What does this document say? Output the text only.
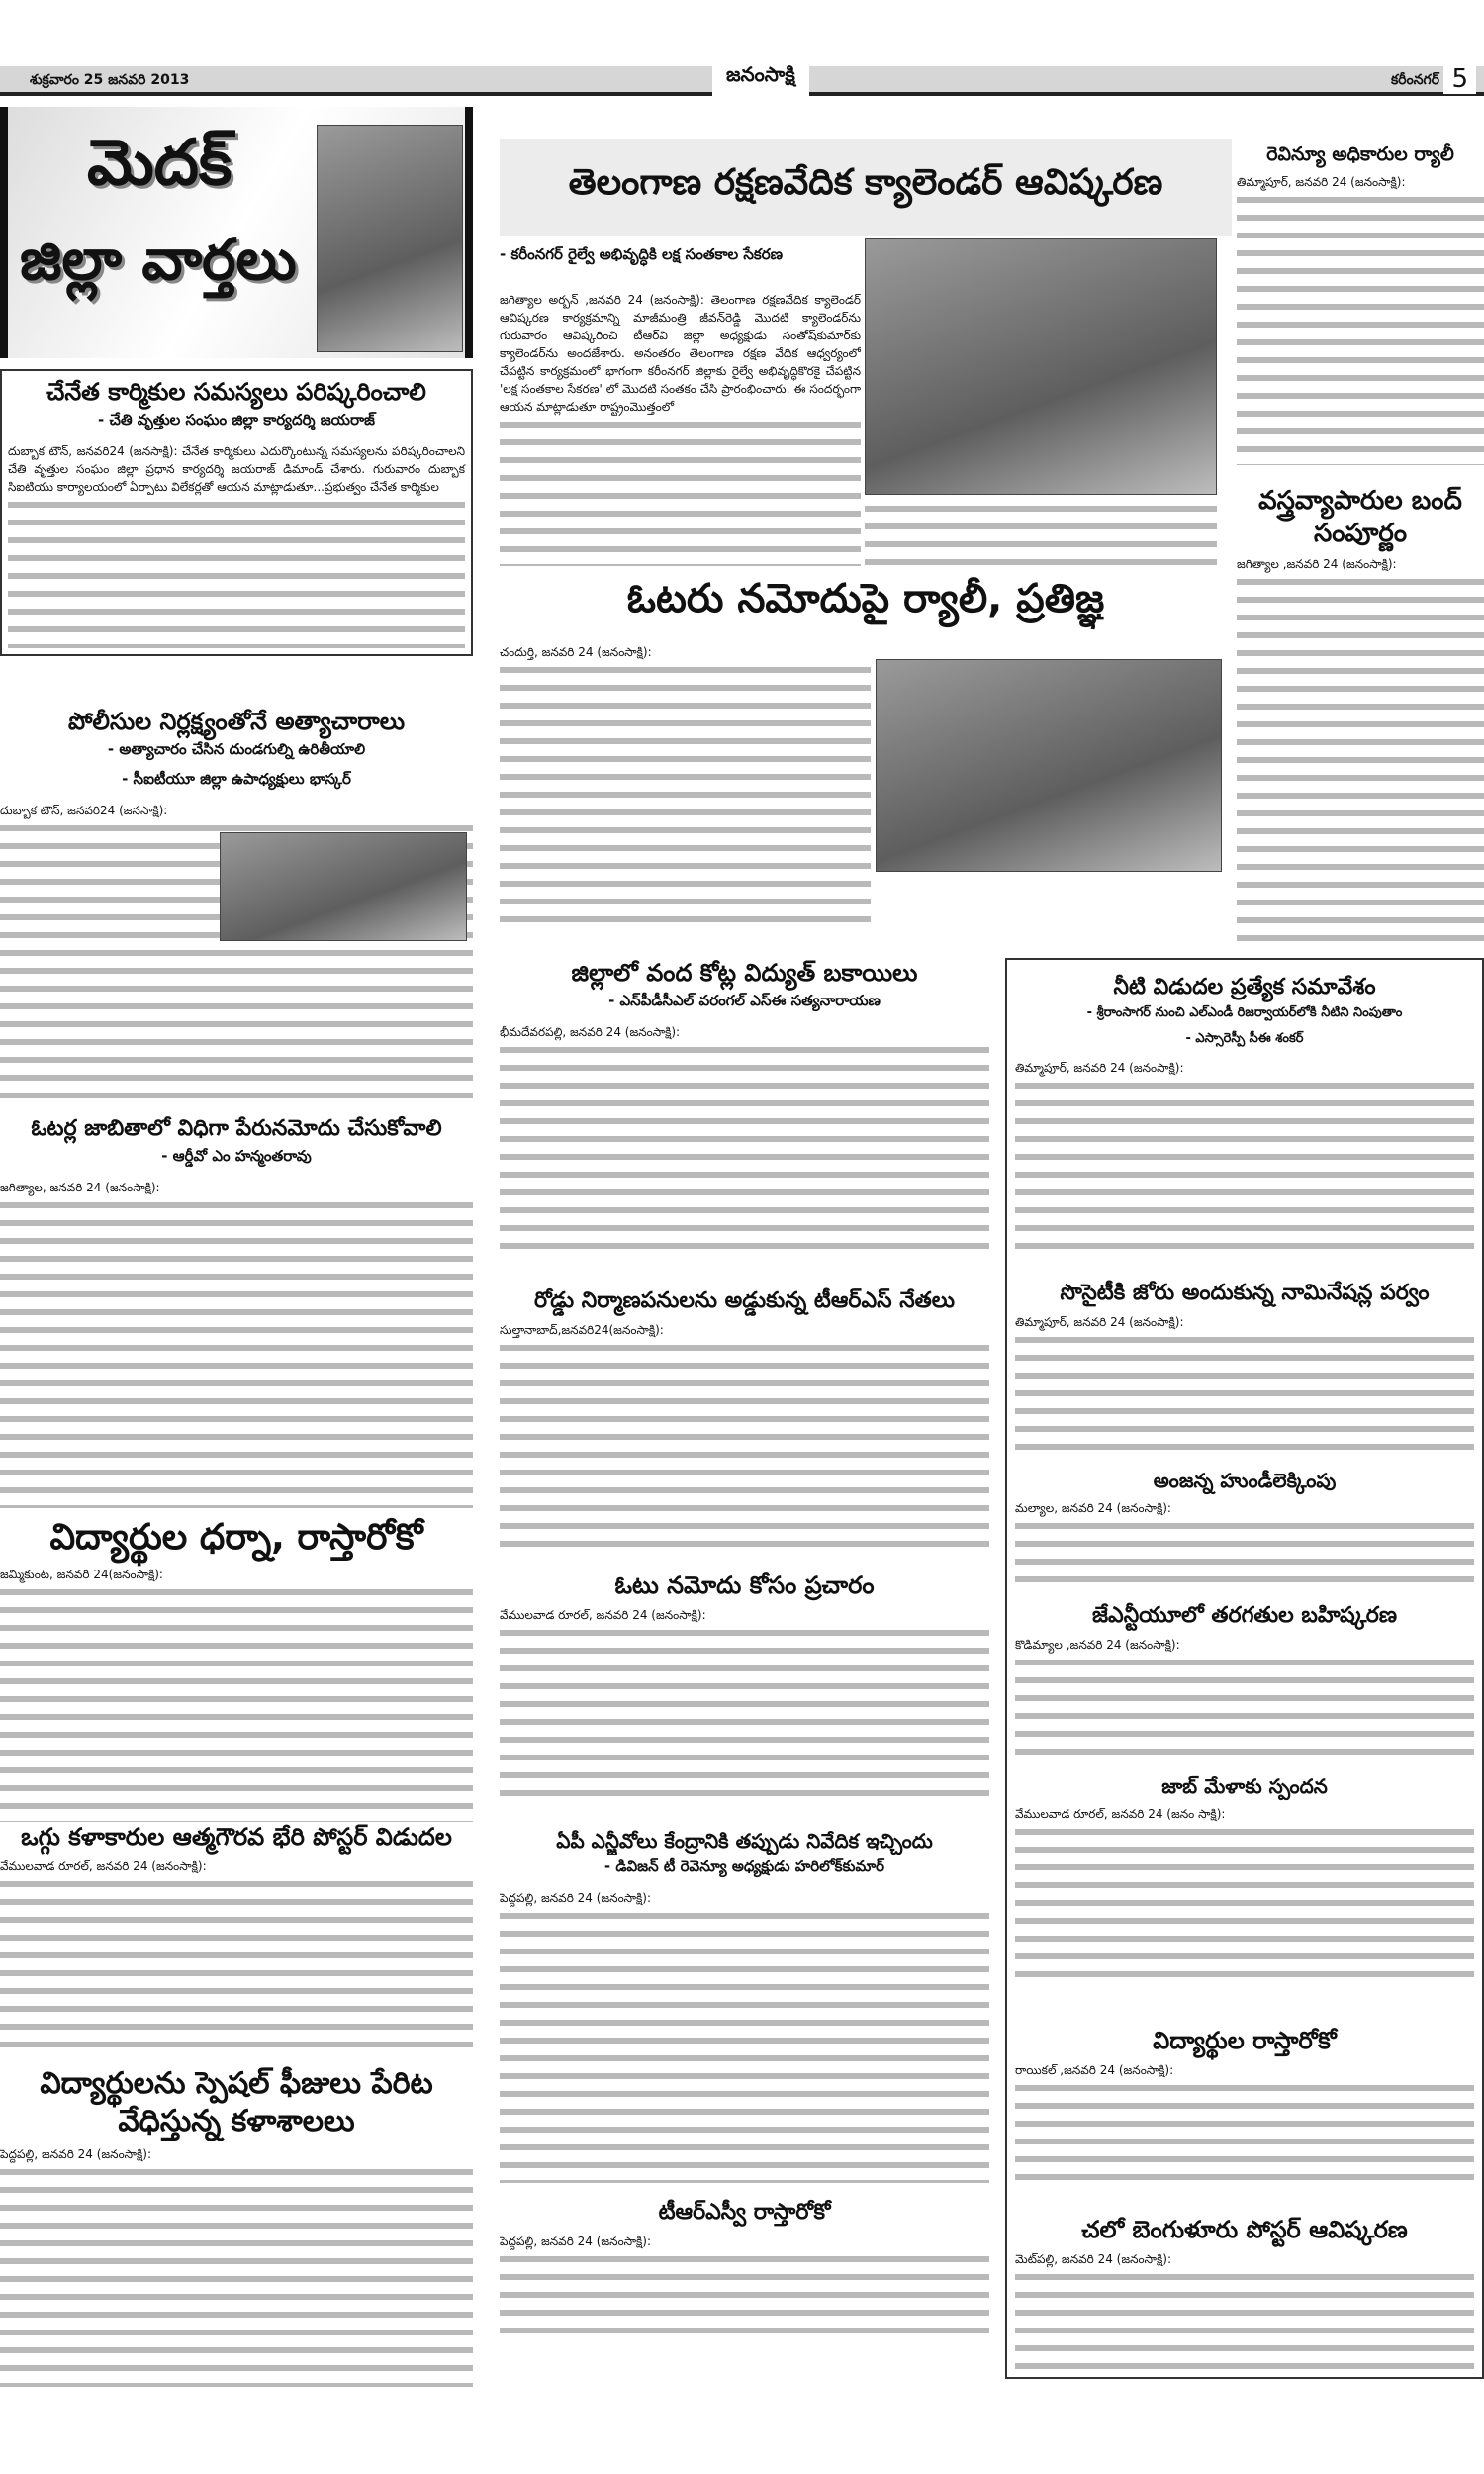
శుక్రవారం 25 జనవరి 2013	జనంసాక్షి	కరీంనగర్ 5
మెదక్
జిల్లా వార్తలు
చేనేత కార్మికుల సమస్యలు పరిష్కరించాలి
- చేతి వృత్తుల సంఘం జిల్లా కార్యదర్శి జయరాజ్
దుబ్బాక టౌన్, జనవరి24 (జనసాక్షి): చేనేత కార్మికులు ఎదుర్కొంటున్న సమస్యలను పరిష్కరించాలని చేతి వృత్తుల సంఘం జిల్లా ప్రధాన కార్యదర్శి జయరాజ్ డిమాండ్ చేశారు. గురువారం దుబ్బాక సిఐటియు కార్యాలయంలో ఏర్పాటు విలేకర్లతో ఆయన మాట్లాడుతూ...ప్రభుత్వం చేనేత కార్మికుల
పోలీసుల నిర్లక్ష్యంతోనే అత్యాచారాలు
- అత్యాచారం చేసిన దుండగుల్ని ఉరితీయాలి
- సీఐటీయూ జిల్లా ఉపాధ్యక్షులు భాస్కర్
దుబ్బాక టౌన్, జనవరి24 (జనసాక్షి):
ఓటర్ల జాబితాలో విధిగా పేరునమోదు చేసుకోవాలి
- ఆర్డీవో ఎం హన్మంతరావు
జగిత్యాల, జనవరి 24 (జనంసాక్షి):
విద్యార్థుల ధర్నా, రాస్తారోకో
జమ్మికుంట, జనవరి 24(జనంసాక్షి):
ఒగ్గు కళాకారుల ఆత్మగౌరవ భేరి పోస్టర్ విడుదల
వేములవాడ రూరల్, జనవరి 24 (జనంసాక్షి):
విద్యార్థులను స్పెషల్ ఫీజులు పేరిట వేధిస్తున్న కళాశాలలు
పెద్దపల్లి, జనవరి 24 (జనంసాక్షి):
తెలంగాణ రక్షణవేదిక క్యాలెండర్ ఆవిష్కరణ
- కరీంనగర్ రైల్వే అభివృద్ధికి లక్ష సంతకాల సేకరణ
జగిత్యాల అర్బన్ ,జనవరి 24 (జనంసాక్షి): తెలంగాణ రక్షణవేదిక క్యాలెండర్ ఆవిష్కరణ కార్యక్రమాన్ని మాజీమంత్రి జీవన్‌రెడ్డి మొదటి క్యాలెండర్‌ను గురువారం ఆవిష్కరించి టీఆర్‌వి జిల్లా అధ్యక్షుడు సంతోష్‌కుమార్‌కు క్యాలెండర్‌ను అందజేశారు. అనంతరం తెలంగాణ రక్షణ వేదిక ఆధ్వర్యంలో చేపట్టిన కార్యక్రమంలో భాగంగా కరీంనగర్ జిల్లాకు రైల్వే అభివృద్ధికొరకై చేపట్టిన 'లక్ష సంతకాల సేకరణ' లో మొదటి సంతకం చేసి ప్రారంభించారు. ఈ సందర్భంగా ఆయన మాట్లాడుతూ రాష్ట్రంమొత్తంలో
ఓటరు నమోదుపై ర్యాలీ, ప్రతిజ్ఞ
చందుర్తి, జనవరి 24 (జనంసాక్షి):
రెవిన్యూ అధికారుల ర్యాలీ
తిమ్మాపూర్, జనవరి 24 (జనంసాక్షి):
వస్త్రవ్యాపారుల బంద్ సంపూర్ణం
జగిత్యాల ,జనవరి 24 (జనంసాక్షి):
జిల్లాలో వంద కోట్ల విద్యుత్ బకాయిలు
- ఎన్‌పీడీసీఎల్ వరంగల్ ఎస్ఈ సత్యనారాయణ
భీమదేవరపల్లి, జనవరి 24 (జనంసాక్షి):
రోడ్డు నిర్మాణపనులను అడ్డుకున్న టీఆర్ఎస్ నేతలు
సుల్తానాబాద్,జనవరి24(జనంసాక్షి):
ఓటు నమోదు కోసం ప్రచారం
వేములవాడ రూరల్, జనవరి 24 (జనంసాక్షి):
ఏపీ ఎన్జీవోలు కేంద్రానికి తప్పుడు నివేదిక ఇచ్చిందు
- డివిజన్ టీ రెవెన్యూ అధ్యక్షుడు హరిలోక్‌కుమార్
పెద్దపల్లి, జనవరి 24 (జనంసాక్షి):
టీఆర్ఎస్వీ రాస్తారోకో
పెద్దపల్లి, జనవరి 24 (జనంసాక్షి):
నీటి విడుదల ప్రత్యేక సమావేశం
- శ్రీరాంసాగర్ నుంచి ఎల్ఎండీ రిజర్వాయర్‌లోకి నీటిని నింపుతాం
- ఎస్సారెస్పీ సీఈ శంకర్
తిమ్మాపూర్, జనవరి 24 (జనంసాక్షి):
సొసైటీకి జోరు అందుకున్న నామినేషన్ల పర్వం
తిమ్మాపూర్, జనవరి 24 (జనంసాక్షి):
అంజన్న హుండీలెక్కింపు
మల్యాల, జనవరి 24 (జనంసాక్షి):
జేఎన్టీయూలో తరగతుల బహిష్కరణ
కొడిమ్యాల ,జనవరి 24 (జనంసాక్షి):
జాబ్ మేళాకు స్పందన
వేములవాడ రూరల్, జనవరి 24 (జనం సాక్షి):
విద్యార్థుల రాస్తారోకో
రాయికల్ ,జనవరి 24 (జనంసాక్షి):
చలో బెంగుళూరు పోస్టర్ ఆవిష్కరణ
మెట్‌పల్లి, జనవరి 24 (జనంసాక్షి):
